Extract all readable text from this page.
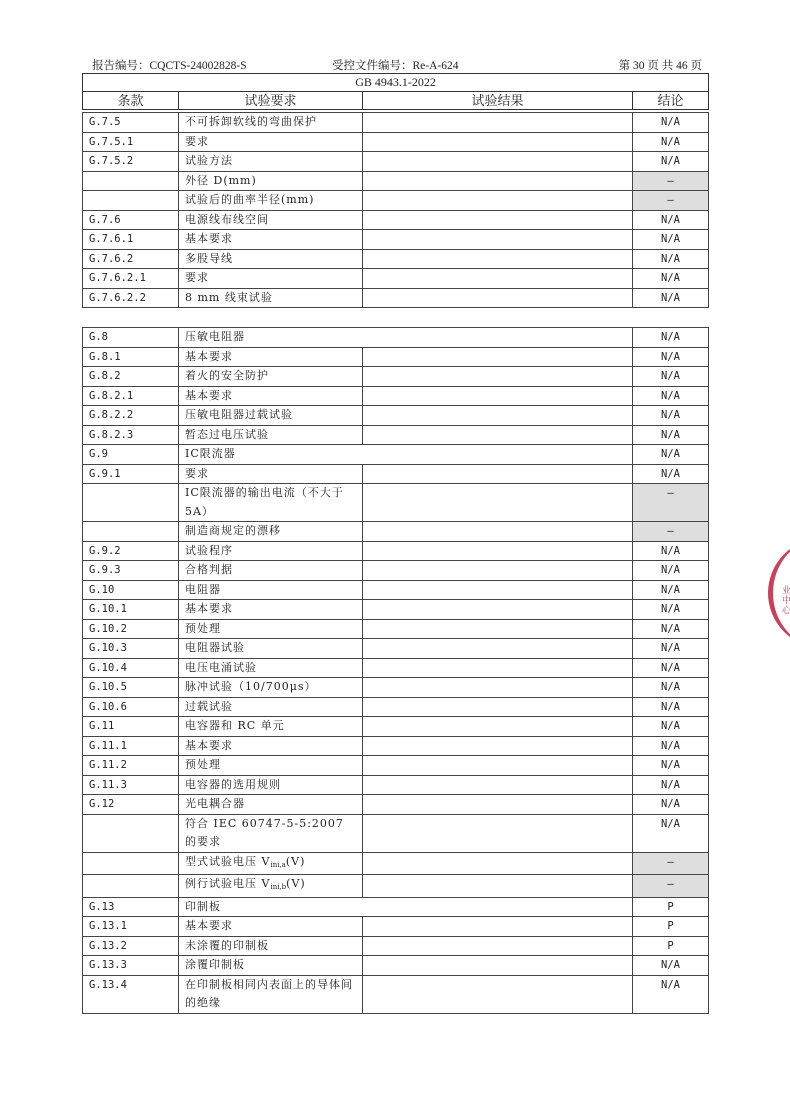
报告编号：CQCTS-24002828-S	受控文件编号：Re-A-624	第 30 页 共 46 页
GB 4943.1-2022
条款	试验要求	试验结果	结论
G.7.5	不可拆卸软线的弯曲保护		N/A
G.7.5.1	要求		N/A
G.7.5.2	试验方法		N/A
	外径 D(mm)		—
	试验后的曲率半径(mm)		—
G.7.6	电源线布线空间		N/A
G.7.6.1	基本要求		N/A
G.7.6.2	多股导线		N/A
G.7.6.2.1	要求		N/A
G.7.6.2.2	8 mm 线束试验		N/A
G.8	压敏电阻器		N/A
G.8.1	基本要求		N/A
G.8.2	着火的安全防护		N/A
G.8.2.1	基本要求		N/A
G.8.2.2	压敏电阻器过载试验		N/A
G.8.2.3	暂态过电压试验		N/A
G.9	IC限流器		N/A
G.9.1	要求		N/A
	IC限流器的输出电流（不大于 5A）		—
	制造商规定的漂移		—
G.9.2	试验程序		N/A
G.9.3	合格判据		N/A
G.10	电阻器		N/A
G.10.1	基本要求		N/A
G.10.2	预处理		N/A
G.10.3	电阻器试验		N/A
G.10.4	电压电涌试验		N/A
G.10.5	脉冲试验（10/700μs）		N/A
G.10.6	过载试验		N/A
G.11	电容器和 RC 单元		N/A
G.11.1	基本要求		N/A
G.11.2	预处理		N/A
G.11.3	电容器的选用规则		N/A
G.12	光电耦合器		N/A
	符合 IEC 60747-5-5:2007 的要求		N/A
	型式试验电压 $V_{ini,a}(V)$		—
	例行试验电压 $V_{ini,b}(V)$		—
G.13	印制板		P
G.13.1	基本要求		P
G.13.2	未涂覆的印制板		P
G.13.3	涂覆印制板		N/A
G.13.4	在印制板相同内表面上的导体间的绝缘		N/A
业中心
